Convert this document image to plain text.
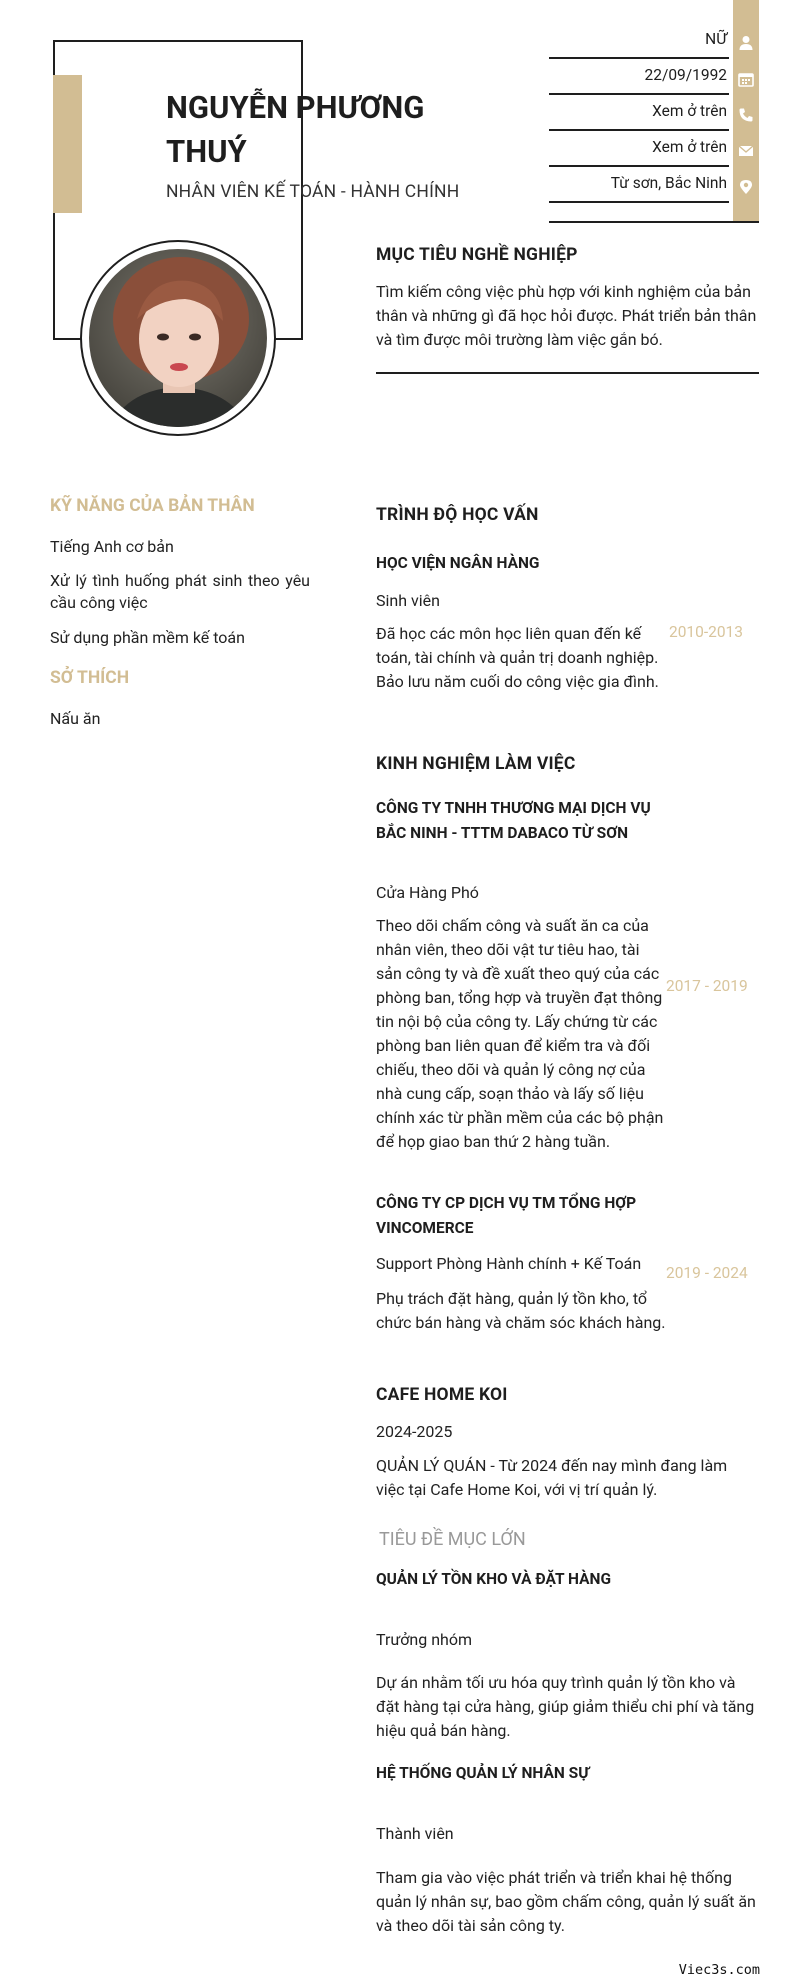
NGUYỄN PHƯƠNG THUÝ
NHÂN VIÊN KẾ TOÁN - HÀNH CHÍNH
NỮ
22/09/1992
Xem ở trên
Xem ở trên
Từ sơn, Bắc Ninh
MỤC TIÊU NGHỀ NGHIỆP
Tìm kiếm công việc phù hợp với kinh nghiệm của bản thân và những gì đã học hỏi được. Phát triển bản thân và tìm được môi trường làm việc gắn bó.
KỸ NĂNG CỦA BẢN THÂN
Tiếng Anh cơ bản
Xử lý tình huống phát sinh theo yêu cầu công việc
Sử dụng phần mềm kế toán
SỞ THÍCH
Nấu ăn
TRÌNH ĐỘ HỌC VẤN
HỌC VIỆN NGÂN HÀNG
Sinh viên
Đã học các môn học liên quan đến kế toán, tài chính và quản trị doanh nghiệp. Bảo lưu năm cuối do công việc gia đình.
2010-2013
KINH NGHIỆM LÀM VIỆC
CÔNG TY TNHH THƯƠNG MẠI DỊCH VỤ BẮC NINH - TTTM DABACO TỪ SƠN
Cửa Hàng Phó
Theo dõi chấm công và suất ăn ca của nhân viên, theo dõi vật tư tiêu hao, tài sản công ty và đề xuất theo quý của các phòng ban, tổng hợp và truyền đạt thông tin nội bộ của công ty. Lấy chứng từ các phòng ban liên quan để kiểm tra và đối chiếu, theo dõi và quản lý công nợ của nhà cung cấp, soạn thảo và lấy số liệu chính xác từ phần mềm của các bộ phận để họp giao ban thứ 2 hàng tuần.
2017 - 2019
CÔNG TY CP DỊCH VỤ TM TỔNG HỢP VINCOMERCE
Support Phòng Hành chính + Kế Toán 2019 - 2024
Phụ trách đặt hàng, quản lý tồn kho, tổ chức bán hàng và chăm sóc khách hàng.
CAFE HOME KOI
2024-2025
QUẢN LÝ QUÁN - Từ 2024 đến nay mình đang làm việc tại Cafe Home Koi, với vị trí quản lý.
TIÊU ĐỀ MỤC LỚN
QUẢN LÝ TỒN KHO VÀ ĐẶT HÀNG
Trưởng nhóm
Dự án nhằm tối ưu hóa quy trình quản lý tồn kho và đặt hàng tại cửa hàng, giúp giảm thiểu chi phí và tăng hiệu quả bán hàng.
HỆ THỐNG QUẢN LÝ NHÂN SỰ
Thành viên
Tham gia vào việc phát triển và triển khai hệ thống quản lý nhân sự, bao gồm chấm công, quản lý suất ăn và theo dõi tài sản công ty.
Viec3s.com
